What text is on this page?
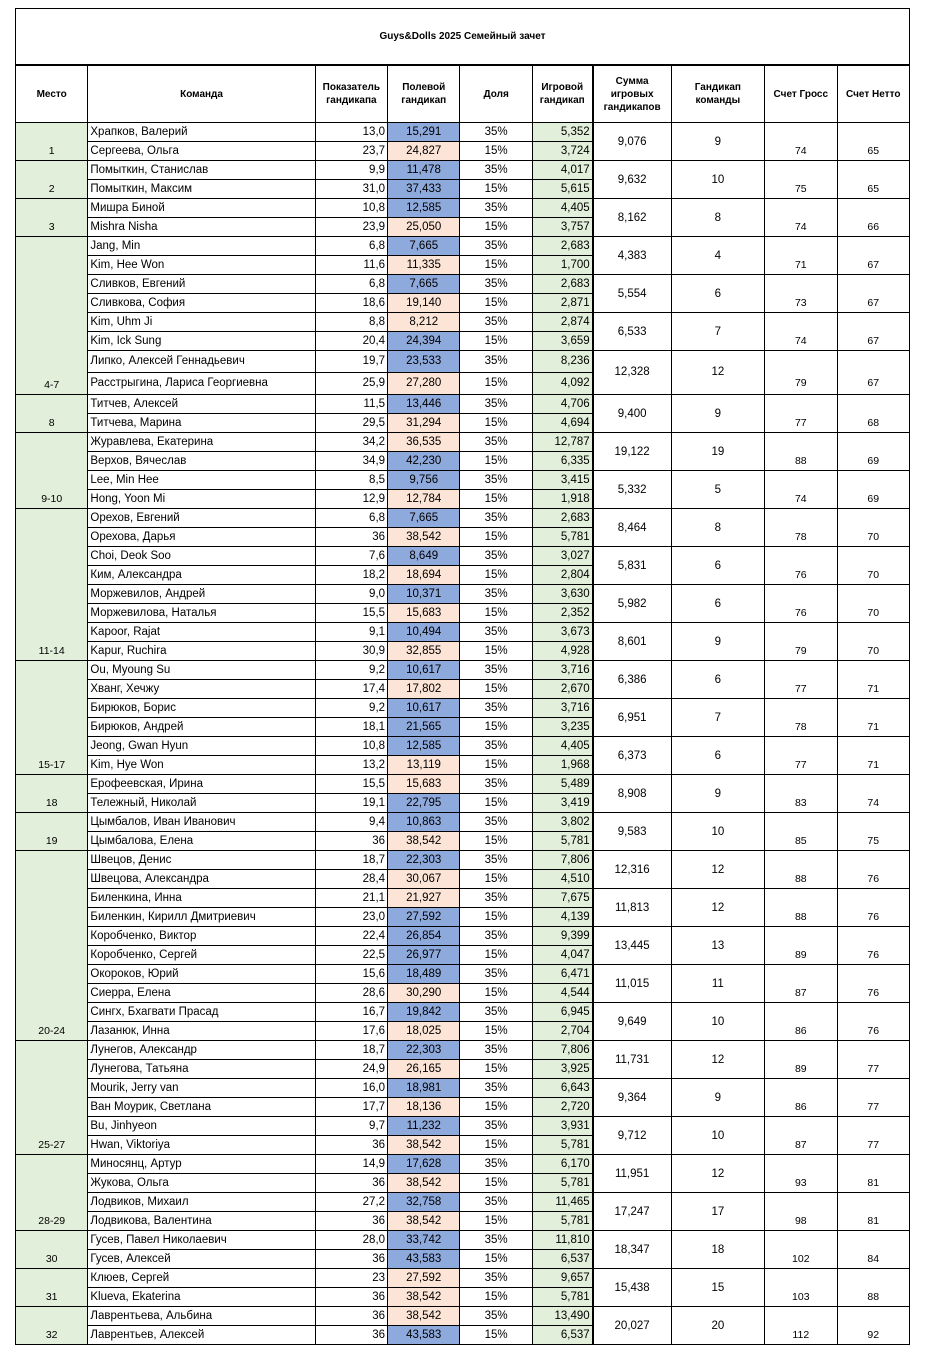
Guys&Dolls 2025 Семейный зачет
Место	Команда	Показатель гандикапа	Полевой гандикап	Доля	Игровой гандикап	Сумма игровых гандикапов	Гандикап команды	Счет Гросс	Счет Нетто
1	Храпков, Валерий	13,0	15,291	35%	5,352	9,076	9	74	65
	Сергеева, Ольга	23,7	24,827	15%	3,724				
2	Помыткин, Станислав	9,9	11,478	35%	4,017	9,632	10	75	65
	Помыткин, Максим	31,0	37,433	15%	5,615				
3	Мишра Биной	10,8	12,585	35%	4,405	8,162	8	74	66
	Mishra Nisha	23,9	25,050	15%	3,757				
4-7	Jang, Min	6,8	7,665	35%	2,683	4,383	4	71	67
	Kim, Hee Won	11,6	11,335	15%	1,700				
	Сливков, Евгений	6,8	7,665	35%	2,683	5,554	6	73	67
	Сливкова, София	18,6	19,140	15%	2,871				
	Kim, Uhm Ji	8,8	8,212	35%	2,874	6,533	7	74	67
	Kim, Ick Sung	20,4	24,394	15%	3,659				
	Липко, Алексей Геннадьевич	19,7	23,533	35%	8,236	12,328	12	79	67
	Расстрыгина, Лариса Георгиевна	25,9	27,280	15%	4,092				
8	Титчев, Алексей	11,5	13,446	35%	4,706	9,400	9	77	68
	Титчева, Марина	29,5	31,294	15%	4,694				
9-10	Журавлева, Екатерина	34,2	36,535	35%	12,787	19,122	19	88	69
	Верхов, Вячеслав	34,9	42,230	15%	6,335				
	Lee, Min Hee	8,5	9,756	35%	3,415	5,332	5	74	69
	Hong, Yoon Mi	12,9	12,784	15%	1,918				
11-14	Орехов, Евгений	6,8	7,665	35%	2,683	8,464	8	78	70
	Орехова, Дарья	36	38,542	15%	5,781				
	Choi, Deok Soo	7,6	8,649	35%	3,027	5,831	6	76	70
	Ким, Александра	18,2	18,694	15%	2,804				
	Моржевилов, Андрей	9,0	10,371	35%	3,630	5,982	6	76	70
	Моржевилова, Наталья	15,5	15,683	15%	2,352				
	Kapoor, Rajat	9,1	10,494	35%	3,673	8,601	9	79	70
	Kapur, Ruchira	30,9	32,855	15%	4,928				
15-17	Ou, Myoung Su	9,2	10,617	35%	3,716	6,386	6	77	71
	Хванг, Хечжу	17,4	17,802	15%	2,670				
	Бирюков, Борис	9,2	10,617	35%	3,716	6,951	7	78	71
	Бирюков, Андрей	18,1	21,565	15%	3,235				
	Jeong, Gwan Hyun	10,8	12,585	35%	4,405	6,373	6	77	71
	Kim, Hye Won	13,2	13,119	15%	1,968				
18	Ерофеевская, Ирина	15,5	15,683	35%	5,489	8,908	9	83	74
	Тележный, Николай	19,1	22,795	15%	3,419				
19	Цымбалов, Иван Иванович	9,4	10,863	35%	3,802	9,583	10	85	75
	Цымбалова, Елена	36	38,542	15%	5,781				
20-24	Швецов, Денис	18,7	22,303	35%	7,806	12,316	12	88	76
	Швецова, Александра	28,4	30,067	15%	4,510				
	Биленкина, Инна	21,1	21,927	35%	7,675	11,813	12	88	76
	Биленкин, Кирилл Дмитриевич	23,0	27,592	15%	4,139				
	Коробченко, Виктор	22,4	26,854	35%	9,399	13,445	13	89	76
	Коробченко, Сергей	22,5	26,977	15%	4,047				
	Окороков, Юрий	15,6	18,489	35%	6,471	11,015	11	87	76
	Сиерра, Елена	28,6	30,290	15%	4,544				
	Сингх, Бхагвати Прасад	16,7	19,842	35%	6,945	9,649	10	86	76
	Лазанюк, Инна	17,6	18,025	15%	2,704				
25-27	Лунегов, Александр	18,7	22,303	35%	7,806	11,731	12	89	77
	Лунегова, Татьяна	24,9	26,165	15%	3,925				
	Mourik, Jerry van	16,0	18,981	35%	6,643	9,364	9	86	77
	Ван Моурик, Светлана	17,7	18,136	15%	2,720				
	Bu, Jinhyeon	9,7	11,232	35%	3,931	9,712	10	87	77
	Hwan, Viktoriya	36	38,542	15%	5,781				
28-29	Миносянц, Артур	14,9	17,628	35%	6,170	11,951	12	93	81
	Жукова, Ольга	36	38,542	15%	5,781				
	Лодвиков, Михаил	27,2	32,758	35%	11,465	17,247	17	98	81
	Лодвикова, Валентина	36	38,542	15%	5,781				
30	Гусев, Павел Николаевич	28,0	33,742	35%	11,810	18,347	18	102	84
	Гусев, Алексей	36	43,583	15%	6,537				
31	Клюев, Сергей	23	27,592	35%	9,657	15,438	15	103	88
	Klueva, Ekaterina	36	38,542	15%	5,781				
32	Лаврентьева, Альбина	36	38,542	35%	13,490	20,027	20	112	92
	Лаврентьев, Алексей	36	43,583	15%	6,537				
